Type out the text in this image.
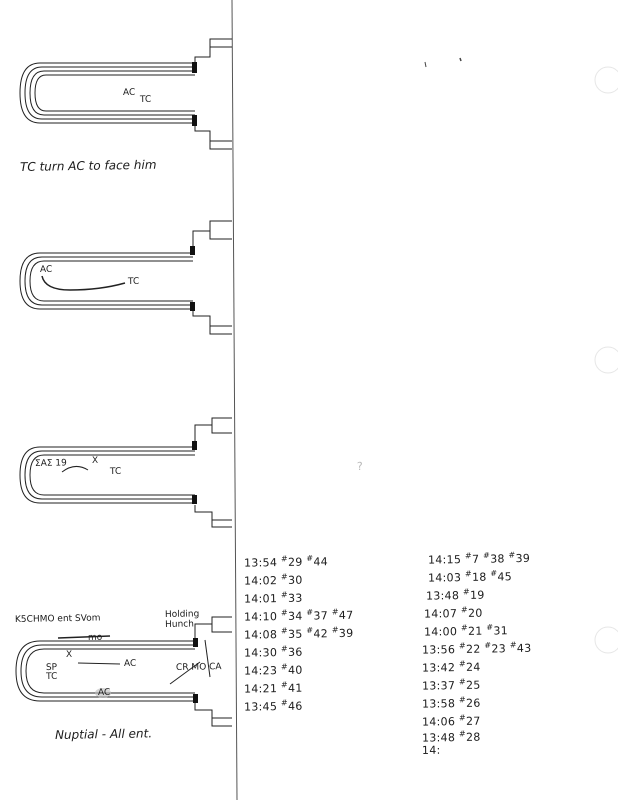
AC
TC
TC turn AC to face him
AC
TC
ΣAΣ 19	X
TC
K5CHMO ent SVom	Holding Hunch
mo
X
SP TC
AC
AC
CR MO CA
Nuptial - All ent.
?
13:54 #29 #44
14:02 #30
14:01 #33
14:10 #34 #37 #47
14:08 #35 #42 #39
14:30 #36
14:23 #40
14:21 #41
13:45 #46
14:15 #7 #38 #39
14:03 #18 #45
13:48 #19
14:07 #20
14:00 #21 #31
13:56 #22 #23 #43
13:42 #24
13:37 #25
13:58 #26
14:06 #27
13:48 #28
14:
